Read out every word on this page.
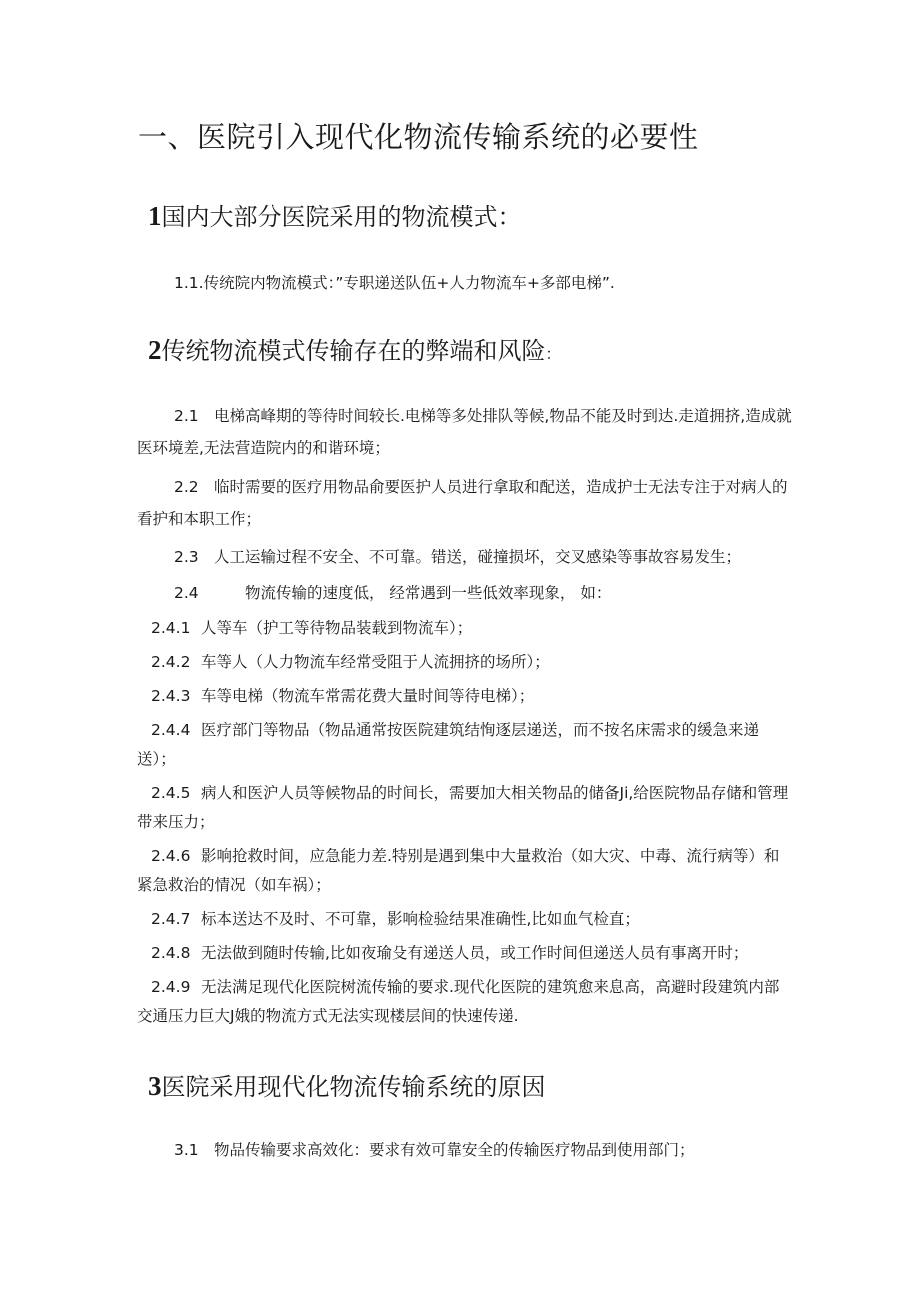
一、医院引入现代化物流传输系统的必要性
1国内大部分医院采用的物流模式：
1.1.传统院内物流模式：”专职递送队伍+人力物流车+多部电梯”.
2传统物流模式传输存在的弊端和风险：
2.1 电梯高峰期的等待时间较长.电梯等多处排队等候,物品不能及时到达.走道拥挤,造成就
医环境差,无法营造院内的和谐环境；
2.2 临时需要的医疗用物品俞要医护人员进行拿取和配送，造成护士无法专注于对病人的
看护和本职工作；
2.3 人工运输过程不安全、不可靠。错送，碰撞损坏，交叉感染等事故容易发生；
2.4	物流传输的速度低， 经常遇到一些低效率现象， 如：
2.4.1 人等车（护工等待物品装载到物流车）；
2.4.2 车等人（人力物流车经常受阻于人流拥挤的场所）；
2.4.3 车等电梯（物流车常需花费大量时间等待电梯）；
2.4.4 医疗部门等物品（物品通常按医院建筑结恂逐层递送，而不按名床需求的缓急来递
送）；
2.4.5 病人和医沪人员等候物品的时间长，需要加大相关物品的储备Ji,给医院物品存储和管理
带来压力；
2.4.6 影响抢救时间，应急能力差.特别是遇到集中大量救治（如大灾、中毒、流行病等）和
紧急救治的情况（如车祸）；
2.4.7 标本送达不及时、不可靠，影响检验结果准确性,比如血气检直；
2.4.8 无法做到随时传输,比如夜瑜殳有递送人员，或工作时间但递送人员有事离开时；
2.4.9 无法满足现代化医院树流传输的要求.现代化医院的建筑愈来息高，高避时段建筑内部
交通压力巨大J娥的物流方式无法实现楼层间的快速传递.
3医院采用现代化物流传输系统的原因
3.1 物品传输要求高效化：要求有效可靠安全的传输医疗物品到使用部门；
